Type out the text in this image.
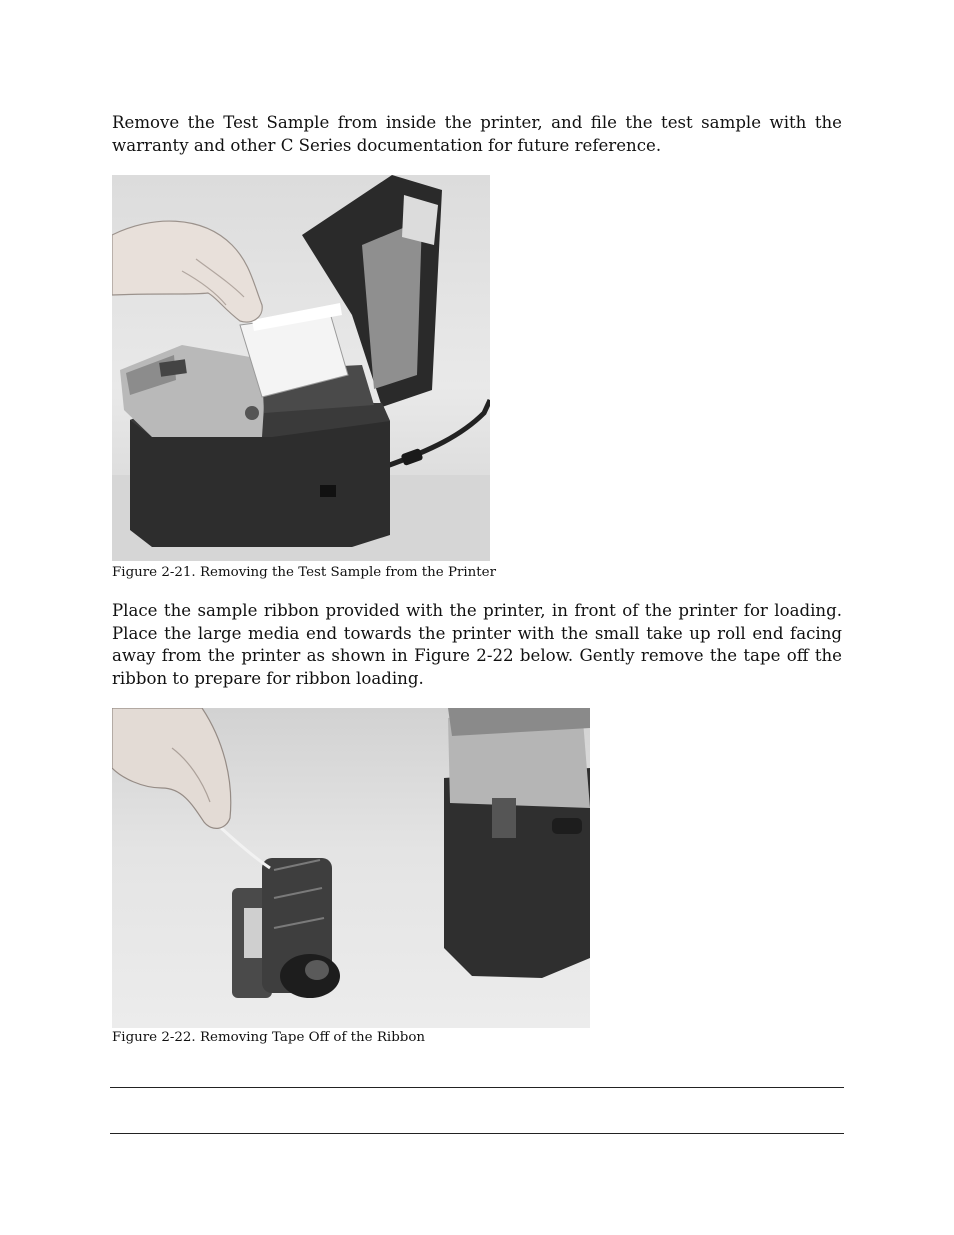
Remove the Test Sample from inside the printer, and file the test sample with the warranty and other C Series documentation for future reference.

Figure 2-21. Removing the Test Sample from the Printer

Place the sample ribbon provided with the printer, in front of the printer for loading. Place the large media end towards the printer with the small take up roll end facing away from the printer as shown in Figure 2-22 below. Gently remove the tape off the ribbon to prepare for ribbon loading.

Figure 2-22. Removing Tape Off of the Ribbon
